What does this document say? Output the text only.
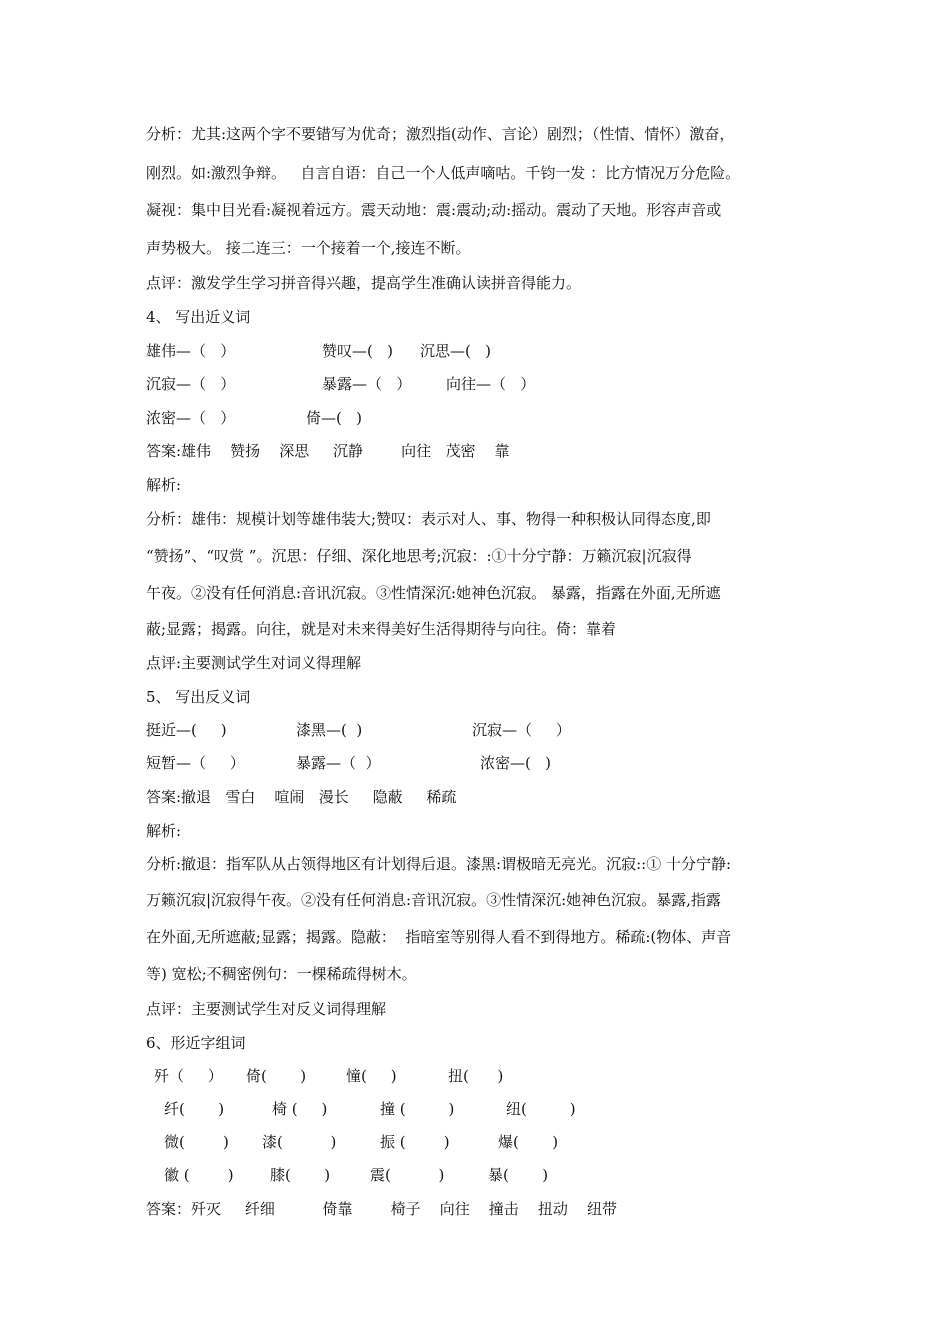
分析：尤其:这两个字不要错写为优奇；激烈指(动作、言论）剧烈；（性情、情怀）激奋，
刚烈。如:激烈争辩。   自言自语：自己一个人低声嘀咕。千钧一发 ：比方情况万分危险。
凝视：集中目光看:凝视着远方。震天动地：震:震动;动:摇动。震动了天地。形容声音或
声势极大。 接二连三：一个接着一个,接连不断。
点评：激发学生学习拼音得兴趣，提高学生准确认读拼音得能力。
4、 写出近义词
雄伟—（   ）	赞叹—(   ) 沉思—(   )
沉寂—（   ）	暴露—（   ） 向往—（   ）
浓密—（   ）	倚—(   )
答案:雄伟    赞扬    深思     沉静        向往   茂密    靠
解析:
分析：雄伟：规模计划等雄伟装大;赞叹：表示对人、事、物得一种积极认同得态度,即
“赞扬”、“叹赏 ”。沉思：仔细、深化地思考;沉寂：:①十分宁静：万籁沉寂|沉寂得
午夜。②没有任何消息:音讯沉寂。③性情深沉:她神色沉寂。 暴露，指露在外面,无所遮
蔽;显露；揭露。向往，就是对未来得美好生活得期待与向往。倚：靠着
点评:主要测试学生对词义得理解
5、 写出反义词
挺近—(     )	漆黑—(  )	沉寂—（     ）
短暂—（     ）	暴露—（  ）	浓密—(   )
答案:撤退   雪白    喧闹   漫长     隐蔽     稀疏
解析:
分析:撤退：指军队从占领得地区有计划得后退。漆黑:谓极暗无亮光。沉寂::① 十分宁静:
万籁沉寂|沉寂得午夜。②没有任何消息:音讯沉寂。③性情深沉:她神色沉寂。暴露,指露
在外面,无所遮蔽;显露；揭露。隐蔽：  指暗室等别得人看不到得地方。稀疏:(物体、声音
等) 宽松;不稠密例句：一棵稀疏得树木。
点评：主要测试学生对反义词得理解
6、形近字组词
歼（     ） 倚(       )	憧(     )	扭(      )
纤(       )	椅 (     )	撞 (         )	纽(         )
微(        ) 漆(          )	振 (        )	爆(       )
徽 (        ) 膝(       )	震(          )	暴(       )
答案：歼灭     纤细          倚靠        椅子    向往    撞击    扭动    纽带
